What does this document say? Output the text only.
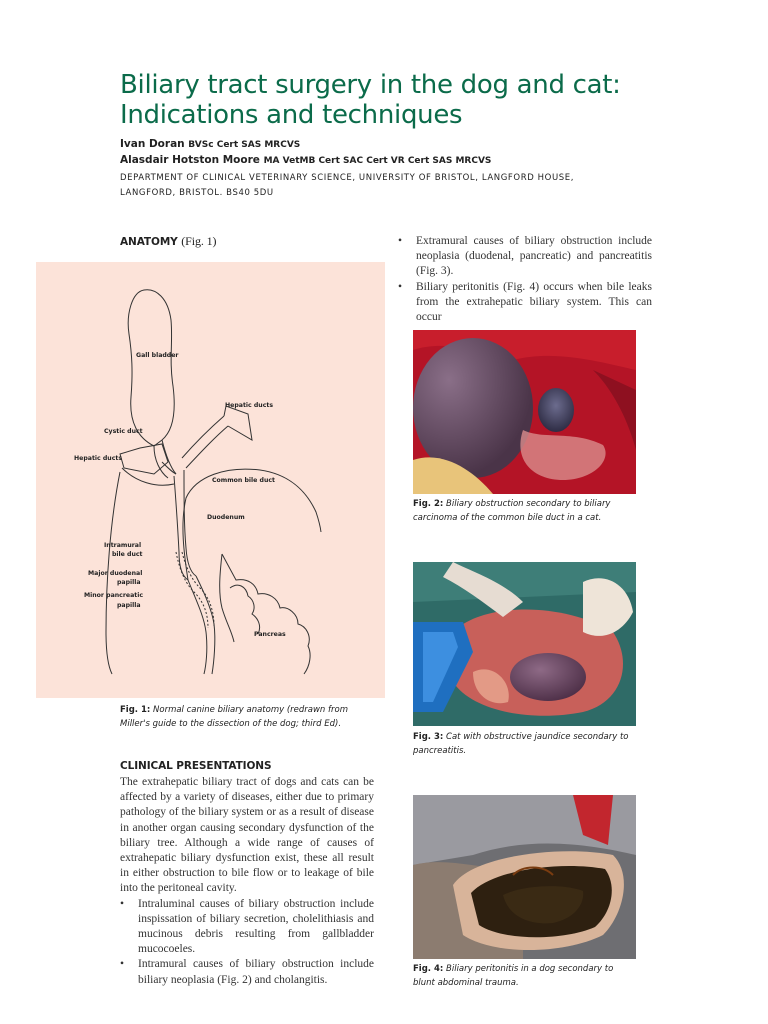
Biliary tract surgery in the dog and cat:
Indications and techniques
Ivan Doran BVSc Cert SAS MRCVS
Alasdair Hotston Moore MA VetMB Cert SAC Cert VR Cert SAS MRCVS
DEPARTMENT OF CLINICAL VETERINARY SCIENCE, UNIVERSITY OF BRISTOL, LANGFORD HOUSE,
LANGFORD, BRISTOL. BS40 5DU
ANATOMY (Fig. 1)
Gall bladder
Hepatic ducts
Cystic duct
Hepatic ducts
Common bile duct
Duodenum
Intramural
bile duct
Major duodenal
papilla
Minor pancreatic
papilla
Pancreas
Fig. 1: Normal canine biliary anatomy (redrawn from Miller's guide to the dissection of the dog; third Ed).
CLINICAL PRESENTATIONS
The extrahepatic biliary tract of dogs and cats can be affected by a variety of diseases, either due to primary pathology of the biliary system or as a result of disease in another organ causing secondary dysfunction of the biliary tree. Although a wide range of causes of extrahepatic biliary dysfunction exist, these all result in either obstruction to bile flow or to leakage of bile into the peritoneal cavity.
• Intraluminal causes of biliary obstruction include inspissation of biliary secretion, cholelithiasis and mucinous debris resulting from gallbladder mucocoeles.
• Intramural causes of biliary obstruction include biliary neoplasia (Fig. 2) and cholangitis.
• Extramural causes of biliary obstruction include neoplasia (duodenal, pancreatic) and pancreatitis (Fig. 3).
• Biliary peritonitis (Fig. 4) occurs when bile leaks from the extrahepatic biliary system. This can occur
Fig. 2: Biliary obstruction secondary to biliary carcinoma of the common bile duct in a cat.
Fig. 3: Cat with obstructive jaundice secondary to pancreatitis.
Fig. 4: Biliary peritonitis in a dog secondary to blunt abdominal trauma.
